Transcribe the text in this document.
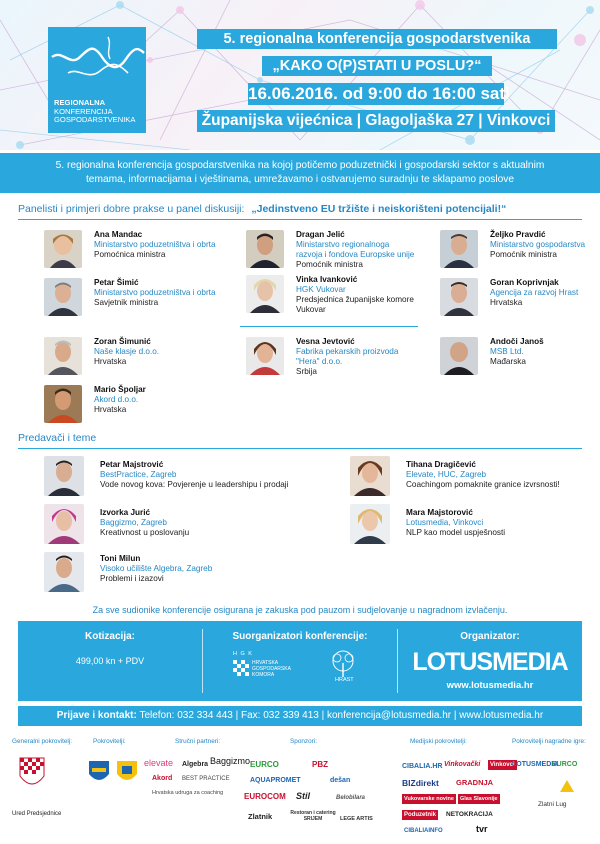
REGIONALNA
KONFERENCIJA
GOSPODARSTVENIKA
5. regionalna konferencija gospodarstvenika
„KAKO O(P)STATI U POSLU?“
16.06.2016. od 9:00 do 16:00 sati
Županijska vijećnica | Glagoljaška 27 | Vinkovci
5. regionalna konferencija gospodarstvenika na kojoj potičemo poduzetnički i gospodarski sektor s aktualnim
temama, informacijama i vještinama, umrežavamo i ostvarujemo suradnju te sklapamo poslove
Panelisti i primjeri dobre prakse u panel diskusiji: „Jedinstveno EU tržište i neiskorišteni potencijali!“
Ana Mandac
Ministarstvo poduzetništva i obrta
Pomoćnica ministra
Petar Šimić
Ministarstvo poduzetništva i obrta
Savjetnik ministra
Zoran Šimunić
Naše klasje d.o.o.
Hrvatska
Mario Špoljar
Akord d.o.o.
Hrvatska
Dragan Jelić
Ministarstvo regionalnoga
razvoja i fondova Europske unije
Pomoćnik ministra
Vinka Ivanković
HGK Vukovar
Predsjednica županijske komore
Vukovar
Vesna Jevtović
Fabrika pekarskih proizvoda
"Hera" d.o.o.
Srbija
Željko Pravdić
Ministarstvo gospodarstva
Pomoćnik ministra
Goran Koprivnjak
Agencija za razvoj Hrast
Hrvatska
Andoči Janoš
MSB Ltd.
Mađarska
Predavači i teme
Petar Majstrović
BestPractice, Zagreb
Vode novog kova: Povjerenje u leadershipu i prodaji
Izvorka Jurić
Baggizmo, Zagreb
Kreativnost u poslovanju
Toni Milun
Visoko učilište Algebra, Zagreb
Problemi i izazovi
Tihana Dragičević
Elevate, HUC, Zagreb
Coachingom pomaknite granice izvrsnosti!
Mara Majstorović
Lotusmedia, Vinkovci
NLP kao model uspješnosti
Za sve sudionike konferencije osigurana je zakuska pod pauzom i sudjelovanje u nagradnom izvlačenju.
Kotizacija:
499,00 kn + PDV
Suorganizatori konferencije:
H G K
HRVATSKA
GOSPODARSKA
KOMORA
HRAST
Organizator:
LOTUSMEDIA
www.lotusmedia.hr
Prijave i kontakt: Telefon: 032 334 443 | Fax: 032 339 413 | konferencija@lotusmedia.hr | www.lotusmedia.hr
Generalni pokrovitelj:	Pokrovitelji:	Stručni partneri:	Sponzori:	Medijski pokrovitelji:	Pokrovitelji nagradne igre:
Ured Predsjednice
elevate Algebra Baggizmo
Akord BEST PRACTICE
Hrvatska udruga za coaching
EURCO	PBZ
AQUAPROMET	dešan
EUROCOM Stil	Belobilara
Zlatnik	Restoran i catering SRIJEM	LEGE ARTIS
CIBALIA.HR Vinkovački	Vinkovci
BIZdirekt GRADNJA
Vukovarske novine	Glas Slavonije
Poduzetnik	NETOKRACIJA
CIBALIAINFO	tvr
LOTUSMEDIA
EURCO
Zlatni Lug
